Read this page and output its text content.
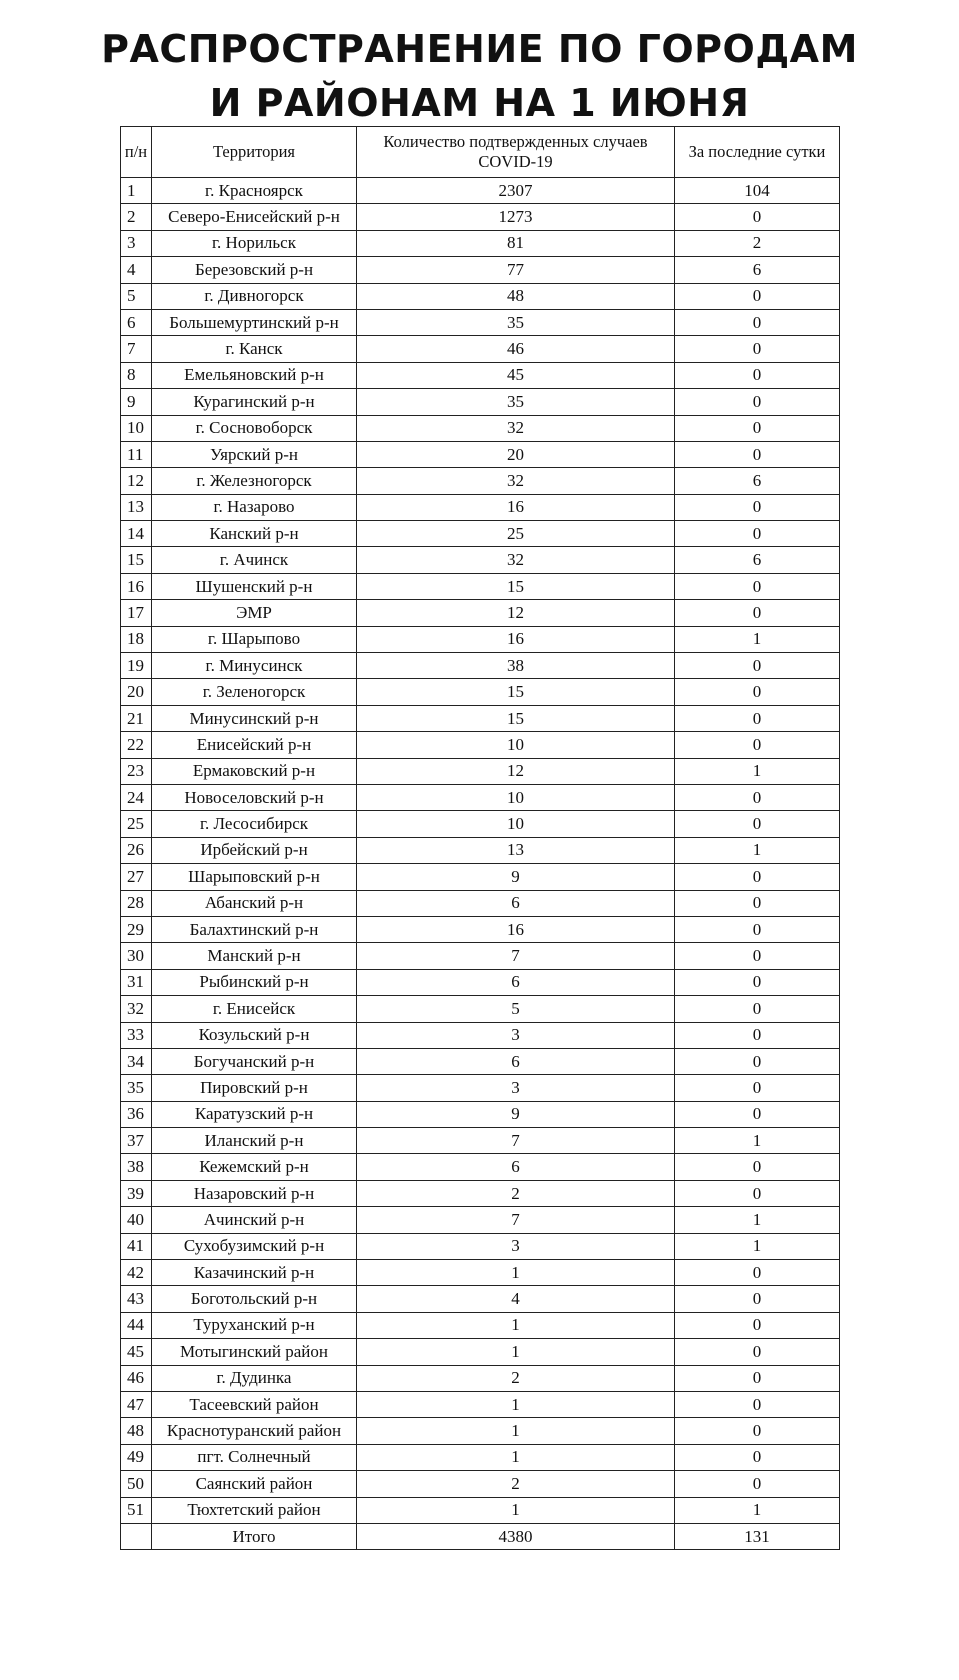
РАСПРОСТРАНЕНИЕ ПО ГОРОДАМ
И РАЙОНАМ НА 1 ИЮНЯ
п/н	Территория	Количество подтвержденных случаев COVID-19	За последние сутки
1	г. Красноярск	2307	104
2	Северо-Енисейский р-н	1273	0
3	г. Норильск	81	2
4	Березовский р-н	77	6
5	г. Дивногорск	48	0
6	Большемуртинский р-н	35	0
7	г. Канск	46	0
8	Емельяновский р-н	45	0
9	Курагинский р-н	35	0
10	г. Сосновоборск	32	0
11	Уярский р-н	20	0
12	г. Железногорск	32	6
13	г. Назарово	16	0
14	Канский р-н	25	0
15	г. Ачинск	32	6
16	Шушенский р-н	15	0
17	ЭМР	12	0
18	г. Шарыпово	16	1
19	г. Минусинск	38	0
20	г. Зеленогорск	15	0
21	Минусинский р-н	15	0
22	Енисейский р-н	10	0
23	Ермаковский р-н	12	1
24	Новоселовский р-н	10	0
25	г. Лесосибирск	10	0
26	Ирбейский р-н	13	1
27	Шарыповский р-н	9	0
28	Абанский р-н	6	0
29	Балахтинский р-н	16	0
30	Манский р-н	7	0
31	Рыбинский р-н	6	0
32	г. Енисейск	5	0
33	Козульский р-н	3	0
34	Богучанский р-н	6	0
35	Пировский р-н	3	0
36	Каратузский р-н	9	0
37	Иланский р-н	7	1
38	Кежемский р-н	6	0
39	Назаровский р-н	2	0
40	Ачинский р-н	7	1
41	Сухобузимский р-н	3	1
42	Казачинский р-н	1	0
43	Боготольский р-н	4	0
44	Туруханский р-н	1	0
45	Мотыгинский район	1	0
46	г. Дудинка	2	0
47	Тасеевский район	1	0
48	Краснотуранский район	1	0
49	пгт. Солнечный	1	0
50	Саянский район	2	0
51	Тюхтетский район	1	1
	Итого	4380	131
